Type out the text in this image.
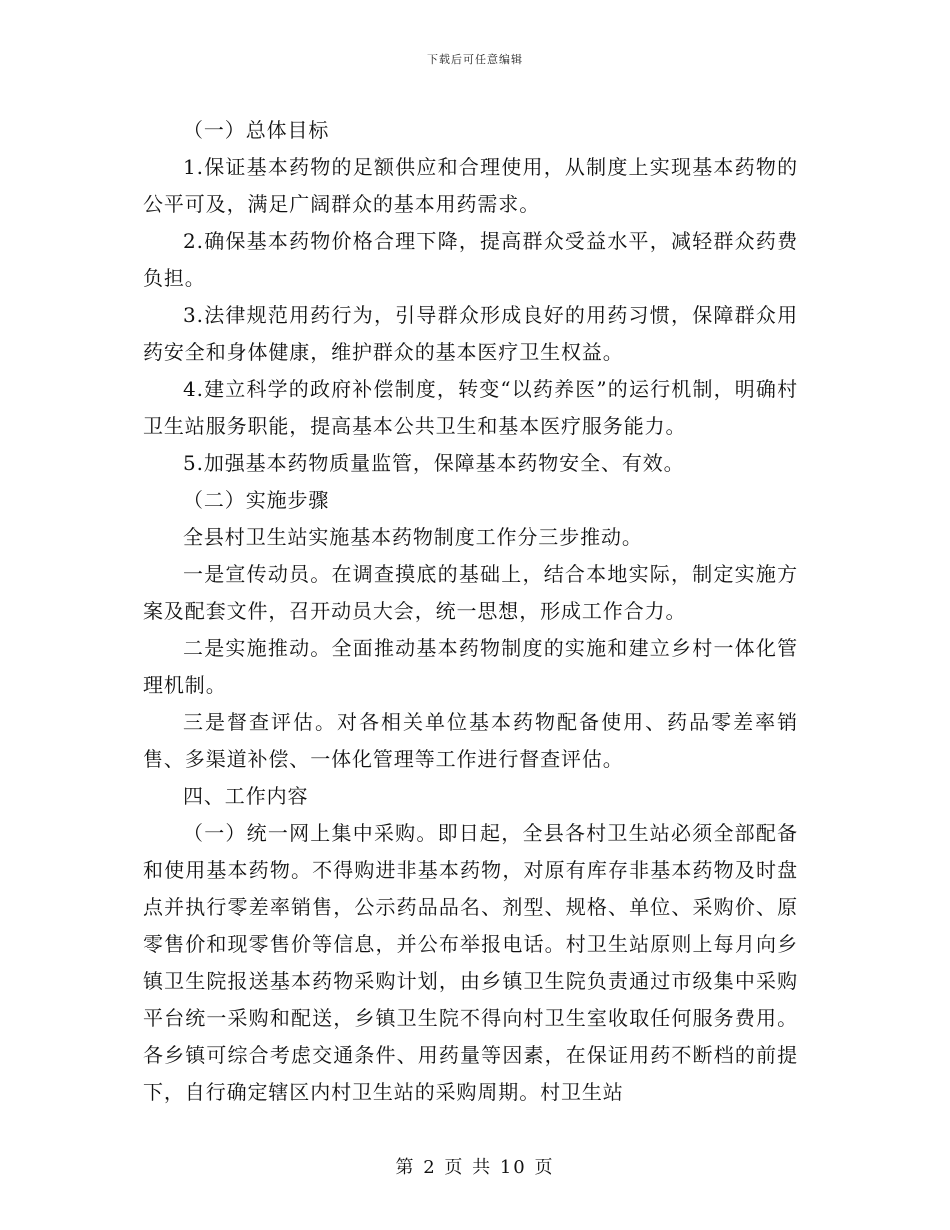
下载后可任意编辑

（一）总体目标

1.保证基本药物的足额供应和合理使用，从制度上实现基本药物的公平可及，满足广阔群众的基本用药需求。

2.确保基本药物价格合理下降，提高群众受益水平，减轻群众药费负担。

3.法律规范用药行为，引导群众形成良好的用药习惯，保障群众用药安全和身体健康，维护群众的基本医疗卫生权益。

4.建立科学的政府补偿制度，转变“以药养医”的运行机制，明确村卫生站服务职能，提高基本公共卫生和基本医疗服务能力。

5.加强基本药物质量监管，保障基本药物安全、有效。

（二）实施步骤

全县村卫生站实施基本药物制度工作分三步推动。

一是宣传动员。在调查摸底的基础上，结合本地实际，制定实施方案及配套文件，召开动员大会，统一思想，形成工作合力。

二是实施推动。全面推动基本药物制度的实施和建立乡村一体化管理机制。

三是督查评估。对各相关单位基本药物配备使用、药品零差率销售、多渠道补偿、一体化管理等工作进行督查评估。

四、工作内容

（一）统一网上集中采购。即日起，全县各村卫生站必须全部配备和使用基本药物。不得购进非基本药物，对原有库存非基本药物及时盘点并执行零差率销售，公示药品品名、剂型、规格、单位、采购价、原零售价和现零售价等信息，并公布举报电话。村卫生站原则上每月向乡镇卫生院报送基本药物采购计划，由乡镇卫生院负责通过市级集中采购平台统一采购和配送，乡镇卫生院不得向村卫生室收取任何服务费用。各乡镇可综合考虑交通条件、用药量等因素，在保证用药不断档的前提下，自行确定辖区内村卫生站的采购周期。村卫生站

第 2 页 共 10 页
